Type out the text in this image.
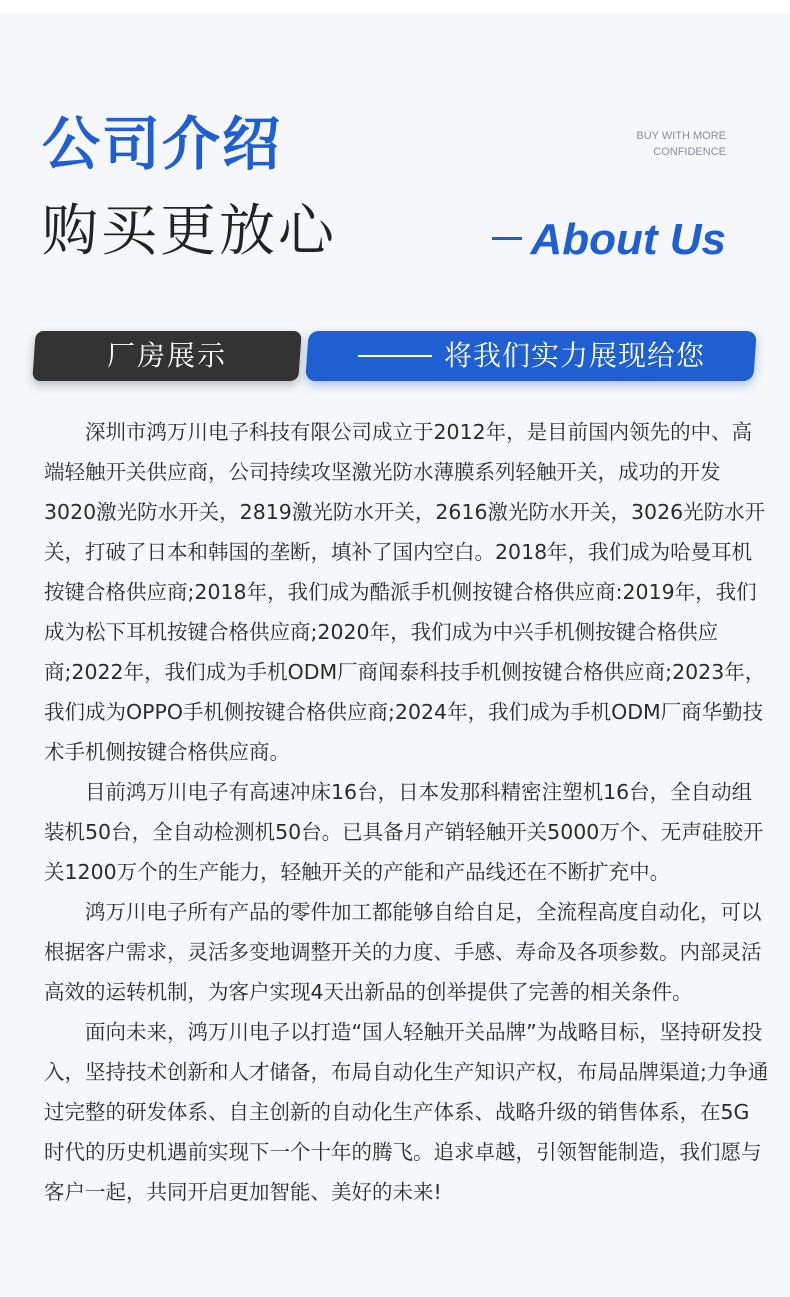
公司介绍
购买更放心
BUY WITH MORE
CONFIDENCE
About Us
厂房展示	将我们实力展现给您

深圳市鸿万川电子科技有限公司成立于2012年，是目前国内领先的中、高端轻触开关供应商，公司持续攻坚激光防水薄膜系列轻触开关，成功的开发3020激光防水开关，2819激光防水开关，2616激光防水开关，3026光防水开关，打破了日本和韩国的垄断，填补了国内空白。2018年，我们成为哈曼耳机按键合格供应商;2018年，我们成为酷派手机侧按键合格供应商:2019年，我们成为松下耳机按键合格供应商;2020年，我们成为中兴手机侧按键合格供应商;2022年，我们成为手机ODM厂商闻泰科技手机侧按键合格供应商;2023年，我们成为OPPO手机侧按键合格供应商;2024年，我们成为手机ODM厂商华勤技术手机侧按键合格供应商。

目前鸿万川电子有高速冲床16台，日本发那科精密注塑机16台，全自动组装机50台，全自动检测机50台。已具备月产销轻触开关5000万个、无声硅胶开关1200万个的生产能力，轻触开关的产能和产品线还在不断扩充中。

鸿万川电子所有产品的零件加工都能够自给自足，全流程高度自动化，可以根据客户需求，灵活多变地调整开关的力度、手感、寿命及各项参数。内部灵活高效的运转机制，为客户实现4天出新品的创举提供了完善的相关条件。

面向未来，鸿万川电子以打造“国人轻触开关品牌”为战略目标，坚持研发投入，坚持技术创新和人才储备，布局自动化生产知识产权，布局品牌渠道;力争通过完整的研发体系、自主创新的自动化生产体系、战略升级的销售体系，在5G时代的历史机遇前实现下一个十年的腾飞。追求卓越，引领智能制造，我们愿与客户一起，共同开启更加智能、美好的未来!
